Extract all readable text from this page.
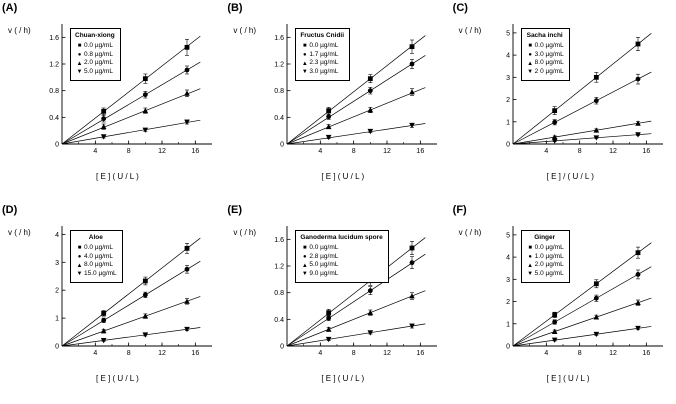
(A)
v ( / h)
[ E ] ( U / L )
4	8	12	16
0.4
0.8
1.2
1.6
0
Chuan-xiong
■ 0.0 µg/mL
● 0.8 µg/mL
▲ 2.0 µg/mL
▼ 5.0 µg/mL
(B)
v ( / h)
[ E ] ( U / L )
4	8	12	16
0.4
0.8
1.2
1.6
0
Fructus Cnidii
■ 0.0 µg/mL
● 1.7 µg/mL
▲ 2.3 µg/mL
▼ 3.0 µg/mL
(C)
v ( / h)
[ E ] / ( U / L )
4	8	12	16
1
2
3
4
5
0
Sacha inchi
■ 0.0 µg/mL
● 3.0 µg/mL
▲ 8.0 µg/mL
▼ 2 0 µg/mL
(D)
v ( / h)
[ E ] ( U / L )
4	8	12	16
1
2
3
4
0
Aloe
■ 0.0 µg/mL
● 4.0 µg/mL
▲ 8.0 µg/mL
▼ 15.0 µg/mL
(E)
v ( / h)
[ E ] ( U / L )
4	8	12	16
0.4
0.8
1.2
1.6
0
Ganoderma lucidum spore
■ 0.0 µg/mL
● 2.8 µg/mL
▲ 5.0 µg/mL
▼ 9.0 µg/mL
(F)
v ( / h)
[ E ] ( U / L )
4	8	12	16
1
2
3
4
5
0
Ginger
■ 0.0 µg/mL
● 1.0 µg/mL
▲ 2.0 µg/mL
▼ 5.0 µg/mL
